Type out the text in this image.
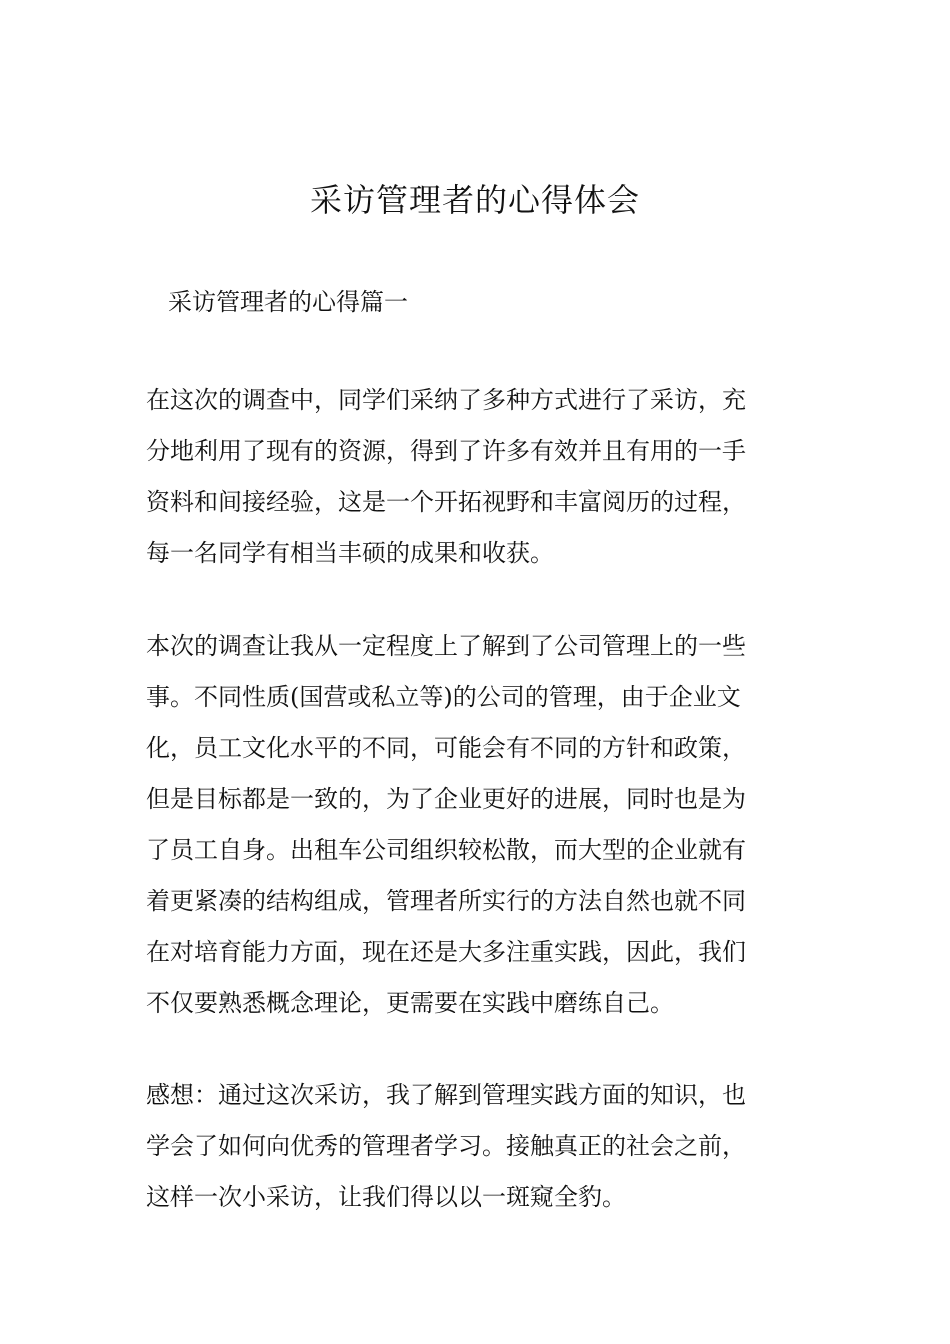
采访管理者的心得体会

采访管理者的心得篇一

在这次的调查中，同学们采纳了多种方式进行了采访，充
分地利用了现有的资源，得到了许多有效并且有用的一手
资料和间接经验，这是一个开拓视野和丰富阅历的过程，
每一名同学有相当丰硕的成果和收获。

本次的调查让我从一定程度上了解到了公司管理上的一些
事。不同性质(国营或私立等)的公司的管理，由于企业文
化，员工文化水平的不同，可能会有不同的方针和政策，
但是目标都是一致的，为了企业更好的进展，同时也是为
了员工自身。出租车公司组织较松散，而大型的企业就有
着更紧凑的结构组成，管理者所实行的方法自然也就不同
在对培育能力方面，现在还是大多注重实践，因此，我们
不仅要熟悉概念理论，更需要在实践中磨练自己。

感想：通过这次采访，我了解到管理实践方面的知识，也
学会了如何向优秀的管理者学习。接触真正的社会之前，
这样一次小采访，让我们得以以一斑窥全豹。
